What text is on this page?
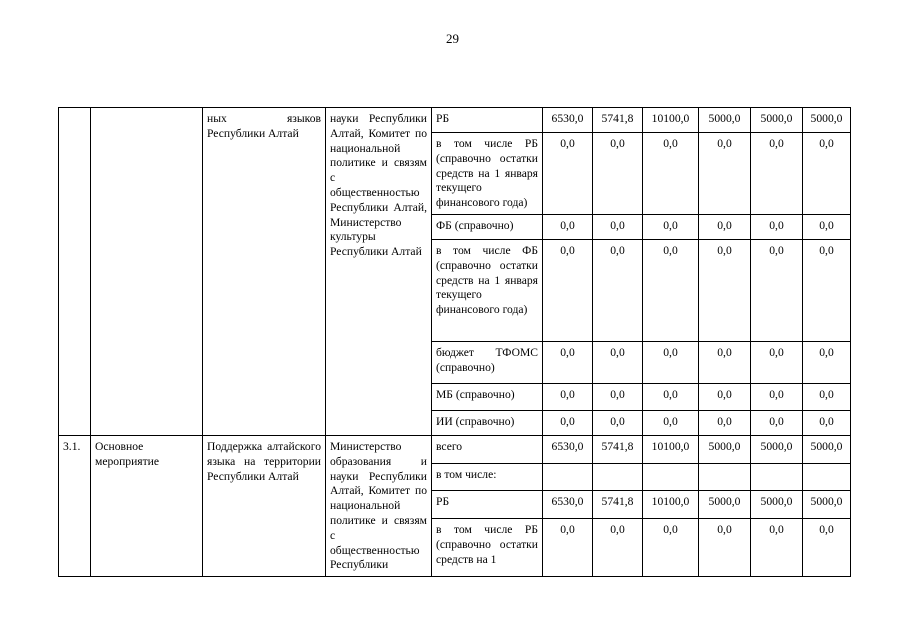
29
		ных языков Республики Алтай	науки Республики Алтай, Комитет по национальной политике и связям с общественностью Республики Алтай, Министерство культуры Республики Алтай	РБ	6530,0	5741,8	10100,0	5000,0	5000,0	5000,0
				в том числе РБ (справочно остатки средств на 1 января текущего финансового года)	0,0	0,0	0,0	0,0	0,0	0,0
				ФБ (справочно)	0,0	0,0	0,0	0,0	0,0	0,0
				в том числе ФБ (справочно остатки средств на 1 января текущего финансового года)	0,0	0,0	0,0	0,0	0,0	0,0
				бюджет ТФОМС (справочно)	0,0	0,0	0,0	0,0	0,0	0,0
				МБ (справочно)	0,0	0,0	0,0	0,0	0,0	0,0
				ИИ (справочно)	0,0	0,0	0,0	0,0	0,0	0,0
3.1.	Основное мероприятие	Поддержка алтайского языка на территории Республики Алтай	Министерство образования и науки Республики Алтай, Комитет по национальной политике и связям с общественностью Республики	всего	6530,0	5741,8	10100,0	5000,0	5000,0	5000,0
				в том числе:						
				РБ	6530,0	5741,8	10100,0	5000,0	5000,0	5000,0
				в том числе РБ (справочно остатки средств на 1	0,0	0,0	0,0	0,0	0,0	0,0
